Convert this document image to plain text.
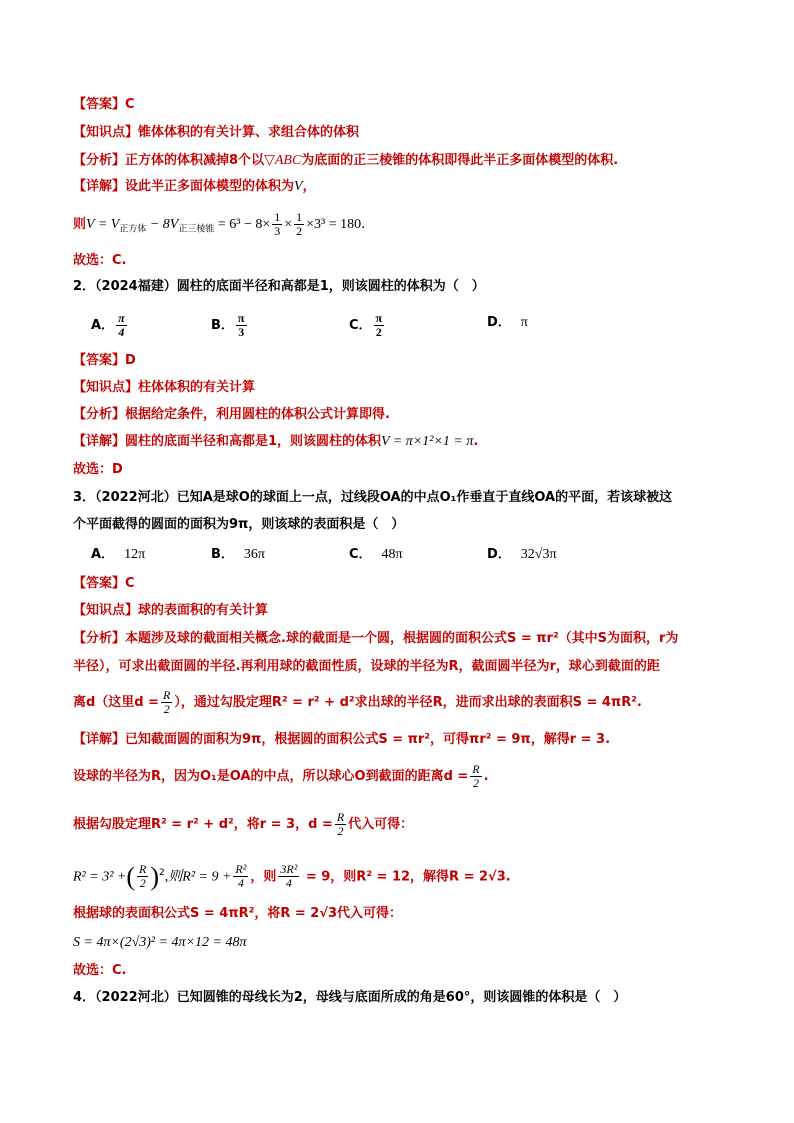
【答案】C
【知识点】锥体体积的有关计算、求组合体的体积
【分析】正方体的体积减掉8个以▽ABC为底面的正三棱锥的体积即得此半正多面体模型的体积.
【详解】设此半正多面体模型的体积为V，
则$V = V_{正方体} - 8V_{正三棱锥} = 6^3 - 8\times \frac{1}{3} \times \frac{1}{2} \times 3^3 = 180$.
故选：C.
2．（2024福建）圆柱的底面半径和高都是1，则该圆柱的体积为（　）
A． $\frac{\pi}{4}$	B． $\frac{\pi}{3}$	C． $\frac{\pi}{2}$	D． π
【答案】D
【知识点】柱体体积的有关计算
【分析】根据给定条件，利用圆柱的体积公式计算即得.
【详解】圆柱的底面半径和高都是1，则该圆柱的体积V = π×1²×1 = π.
故选：D
3．（2022河北）已知A是球O的球面上一点，过线段OA的中点O₁作垂直于直线OA的平面，若该球被这
个平面截得的圆面的面积为9π，则该球的表面积是（　）
A． 12π	B． 36π	C． 48π	D． 32√3π
【答案】C
【知识点】球的表面积的有关计算
【分析】本题涉及球的截面相关概念.球的截面是一个圆，根据圆的面积公式S = πr²（其中S为面积，r为
半径），可求出截面圆的半径.再利用球的截面性质，设球的半径为R，截面圆半径为r，球心到截面的距
离d（这里$d = \frac{R}{2}$ ），通过勾股定理R² = r² + d²求出球的半径R，进而求出球的表面积S = 4πR².
【详解】已知截面圆的面积为9π，根据圆的面积公式S = πr²，可得πr² = 9π，解得r = 3.
设球的半径为R，因为O₁是OA的中点，所以球心O到截面的距离$d = \frac{R}{2}$ .
根据勾股定理R² = r² + d²，将r = 3，$d = \frac{R}{2}$ 代入可得：
R² = 3² +( $\frac{R}{2} )^2$,则$R^2 = 9 + \frac{\text{R²}}{4}$ ，则 $\frac{\text{3R²}}{4} = 9$，则R² = 12，解得R = 2√3.
根据球的表面积公式S = 4πR²，将R = 2√3代入可得：
S = 4π×(2√3)² = 4π×12 = 48π
故选：C.
4．（2022河北）已知圆锥的母线长为2，母线与底面所成的角是60°，则该圆锥的体积是（　）
